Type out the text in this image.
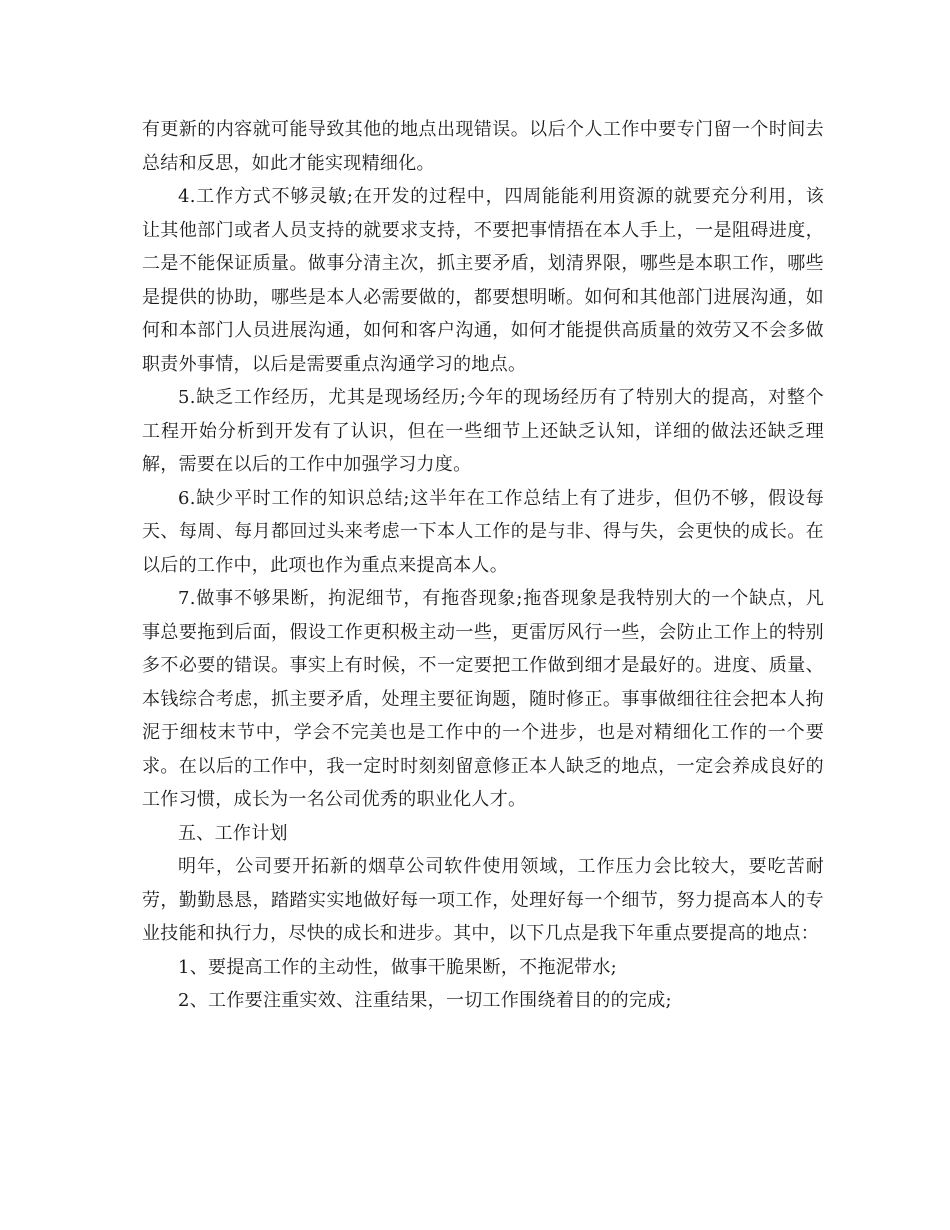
有更新的内容就可能导致其他的地点出现错误。以后个人工作中要专门留一个时间去总结和反思，如此才能实现精细化。

4.工作方式不够灵敏;在开发的过程中，四周能能利用资源的就要充分利用，该让其他部门或者人员支持的就要求支持，不要把事情捂在本人手上，一是阻碍进度，二是不能保证质量。做事分清主次，抓主要矛盾，划清界限，哪些是本职工作，哪些是提供的协助，哪些是本人必需要做的，都要想明晰。如何和其他部门进展沟通，如何和本部门人员进展沟通，如何和客户沟通，如何才能提供高质量的效劳又不会多做职责外事情，以后是需要重点沟通学习的地点。

5.缺乏工作经历，尤其是现场经历;今年的现场经历有了特别大的提高，对整个工程开始分析到开发有了认识，但在一些细节上还缺乏认知，详细的做法还缺乏理解，需要在以后的工作中加强学习力度。

6.缺少平时工作的知识总结;这半年在工作总结上有了进步，但仍不够，假设每天、每周、每月都回过头来考虑一下本人工作的是与非、得与失，会更快的成长。在以后的工作中，此项也作为重点来提高本人。

7.做事不够果断，拘泥细节，有拖沓现象;拖沓现象是我特别大的一个缺点，凡事总要拖到后面，假设工作更积极主动一些，更雷厉风行一些，会防止工作上的特别多不必要的错误。事实上有时候，不一定要把工作做到细才是最好的。进度、质量、本钱综合考虑，抓主要矛盾，处理主要征询题，随时修正。事事做细往往会把本人拘泥于细枝末节中，学会不完美也是工作中的一个进步，也是对精细化工作的一个要求。在以后的工作中，我一定时时刻刻留意修正本人缺乏的地点，一定会养成良好的工作习惯，成长为一名公司优秀的职业化人才。

五、工作计划

明年，公司要开拓新的烟草公司软件使用领域，工作压力会比较大，要吃苦耐劳，勤勤恳恳，踏踏实实地做好每一项工作，处理好每一个细节，努力提高本人的专业技能和执行力，尽快的成长和进步。其中，以下几点是我下年重点要提高的地点：

1、要提高工作的主动性，做事干脆果断，不拖泥带水;

2、工作要注重实效、注重结果，一切工作围绕着目的的完成;
